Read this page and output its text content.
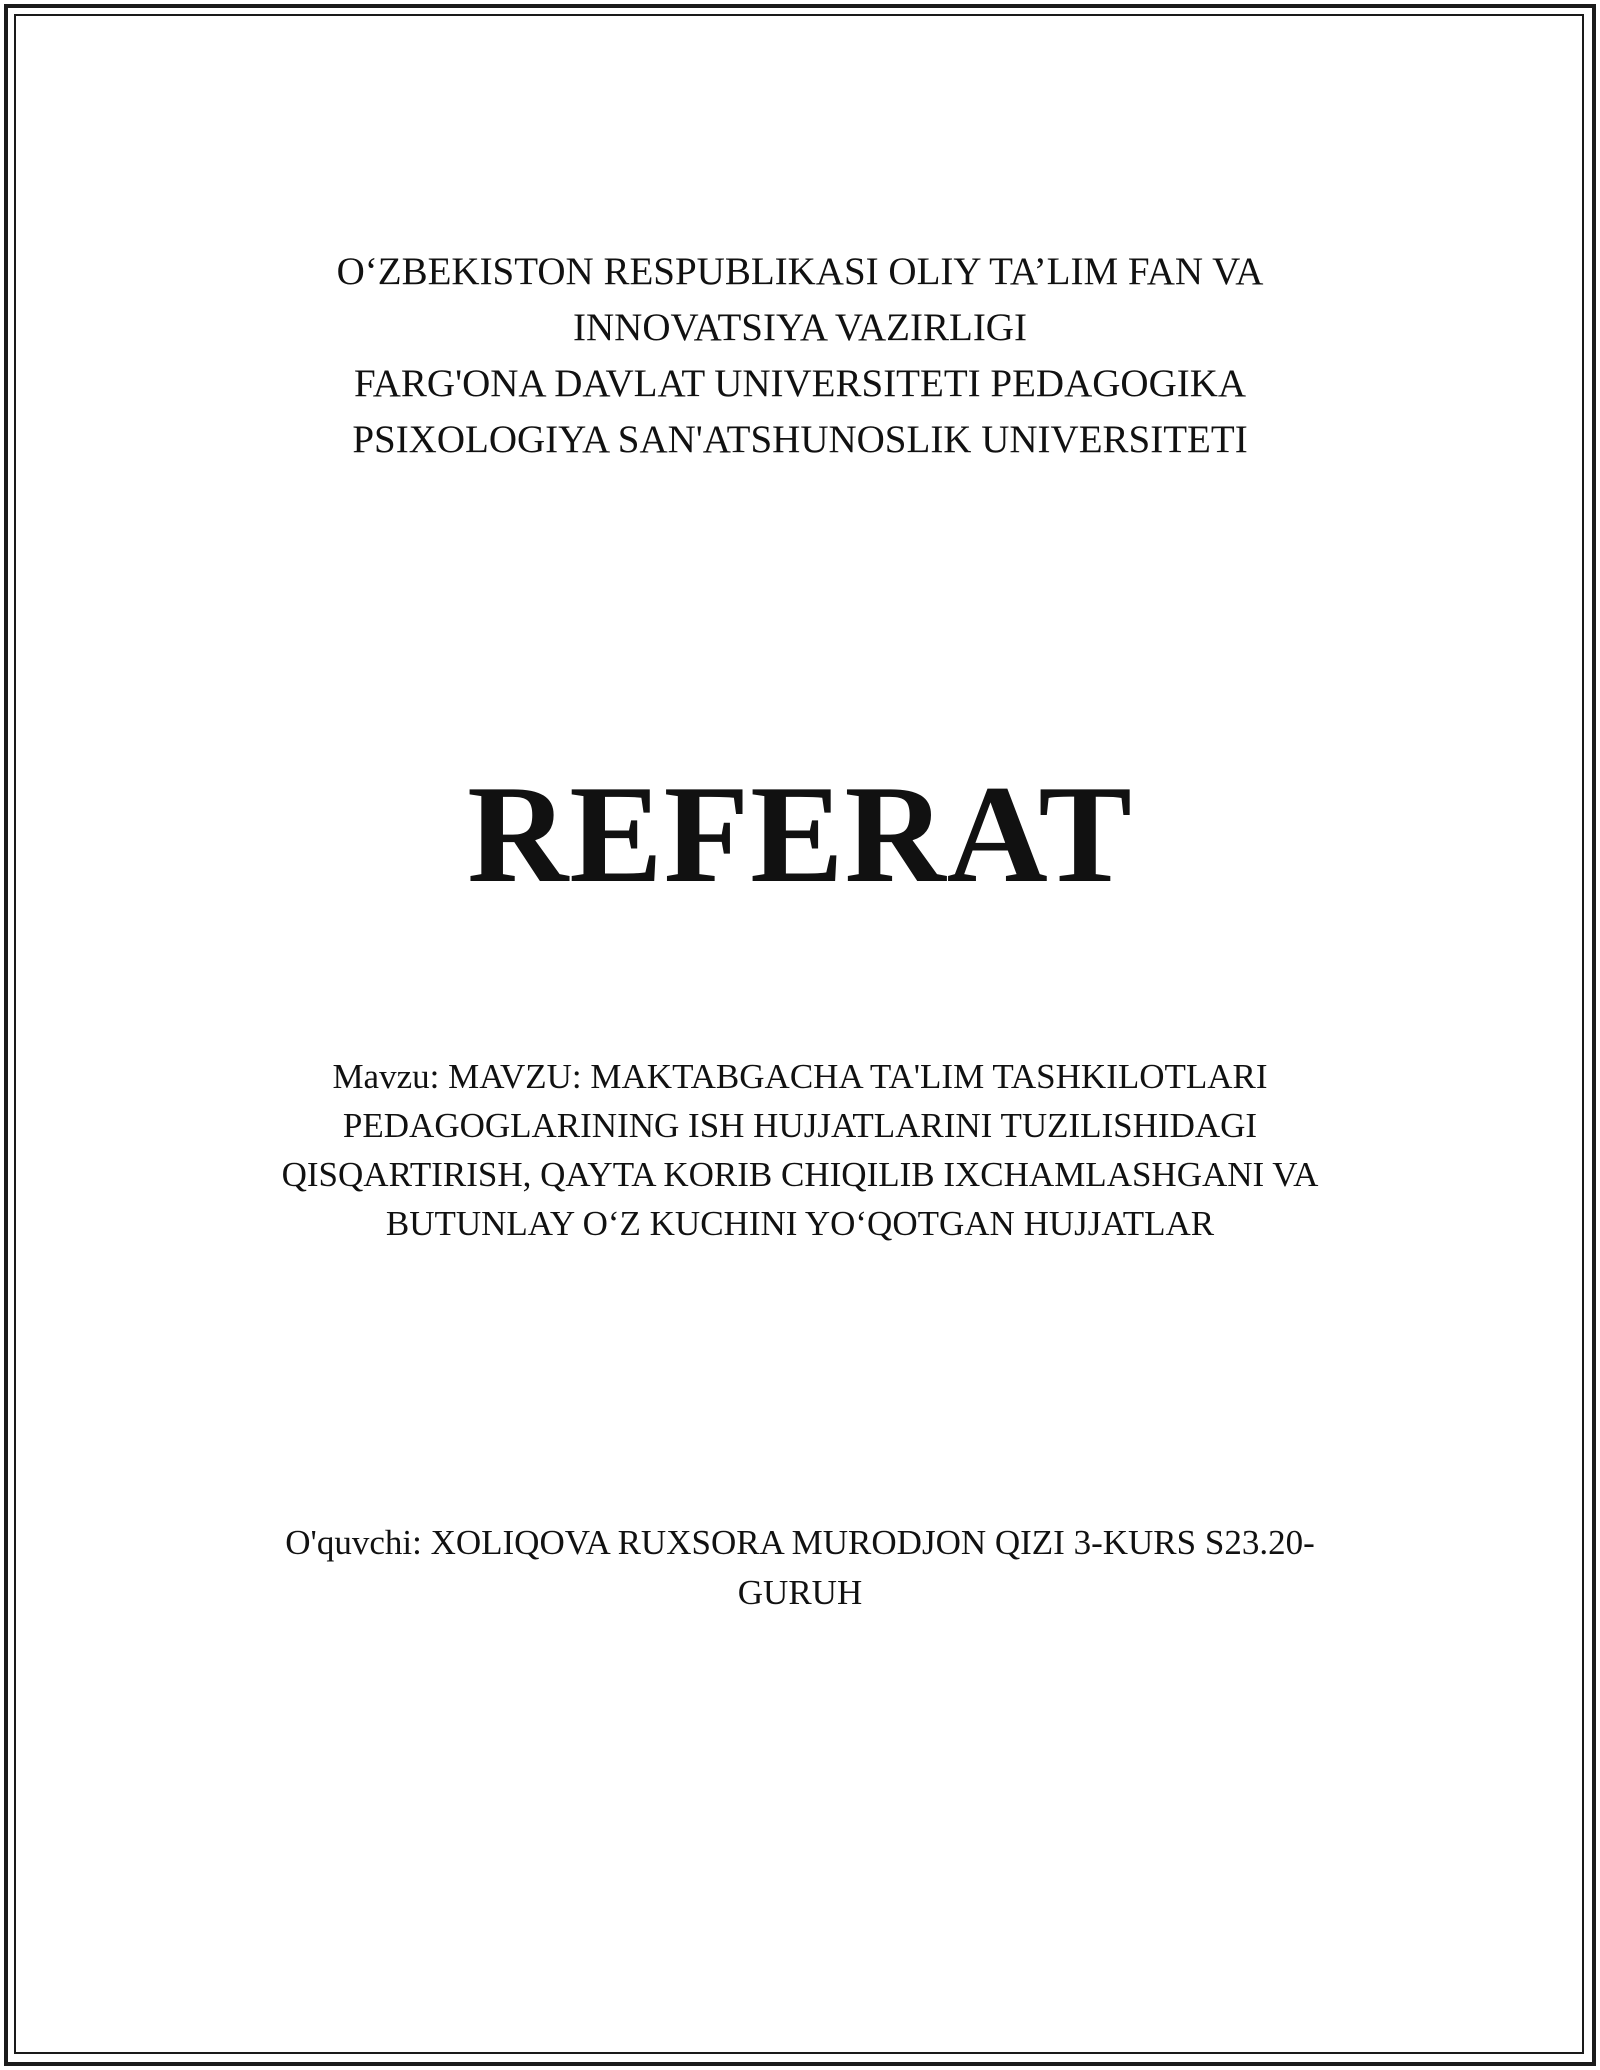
O‘ZBEKISTON RESPUBLIKASI OLIY TA’LIM FAN VA
INNOVATSIYA VAZIRLIGI
FARG'ONA DAVLAT UNIVERSITETI PEDAGOGIKA
PSIXOLOGIYA SAN'ATSHUNOSLIK UNIVERSITETI
REFERAT
Mavzu: MAVZU: MAKTABGACHA TA'LIM TASHKILOTLARI
PEDAGOGLARINING ISH HUJJATLARINI TUZILISHIDAGI
QISQARTIRISH, QAYTA KORIB CHIQILIB IXCHAMLASHGANI VA
BUTUNLAY O‘Z KUCHINI YO‘QOTGAN HUJJATLAR
O'quvchi: XOLIQOVA RUXSORA MURODJON QIZI 3-KURS S23.20-
GURUH
